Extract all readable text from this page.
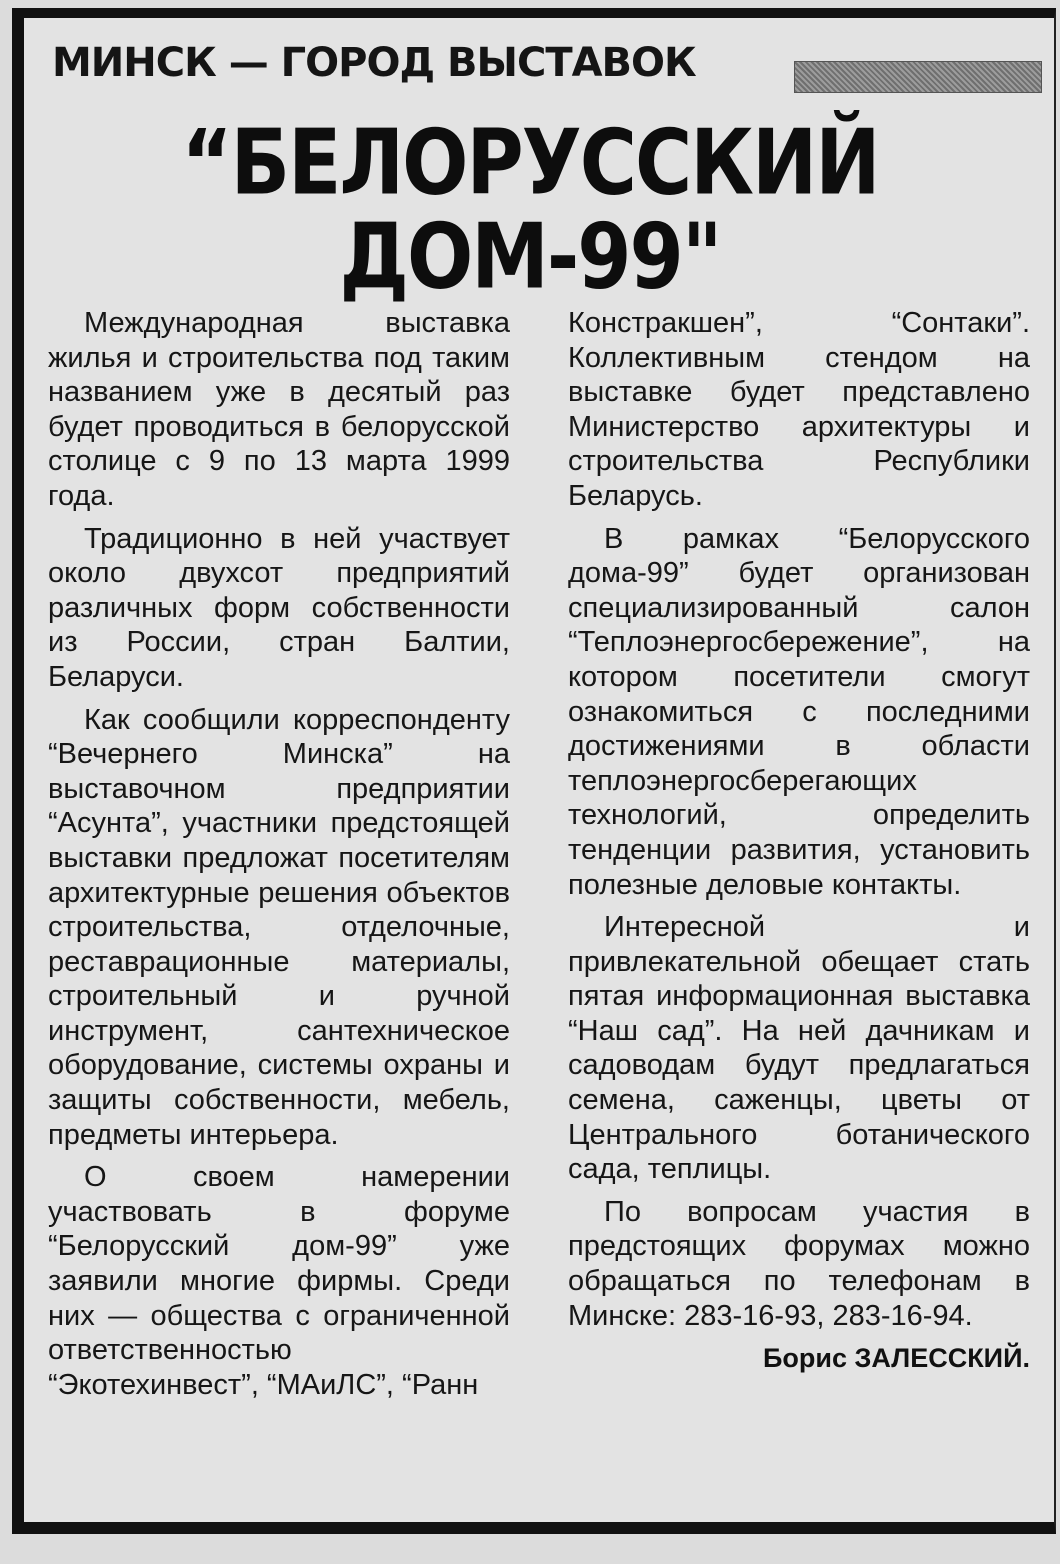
МИНСК — ГОРОД ВЫСТАВОК
“БЕЛОРУССКИЙ
ДОМ-99"

Международная выставка жилья и строительства под таким названием уже в десятый раз будет проводиться в белорусской столице с 9 по 13 марта 1999 года.

Традиционно в ней участвует около двухсот предприятий различных форм собственности из России, стран Балтии, Беларуси.

Как сообщили корреспонденту “Вечернего Минска” на выставочном предприятии “Асунта”, участники предстоящей выставки предложат посетителям архитектурные решения объектов строительства, отделочные, реставрационные материалы, строительный и ручной инструмент, сантехническое оборудование, системы охраны и защиты собственности, мебель, предметы интерьера.

О своем намерении участвовать в форуме “Белорусский дом-99” уже заявили многие фирмы. Среди них — общества с ограниченной ответственностью “Экотехинвест”, “МАиЛС”, “Ранн

Констракшен”, “Сонтаки”. Коллективным стендом на выставке будет представлено Министерство архитектуры и строительства Республики Беларусь.

В рамках “Белорусского дома-99” будет организован специализированный салон “Теплоэнергосбережение”, на котором посетители смогут ознакомиться с последними достижениями в области теплоэнергосберегающих технологий, определить тенденции развития, установить полезные деловые контакты.

Интересной и привлекательной обещает стать пятая информационная выставка “Наш сад”. На ней дачникам и садоводам будут предлагаться семена, саженцы, цветы от Центрального ботанического сада, теплицы.

По вопросам участия в предстоящих форумах можно обращаться по телефонам в Минске: 283-16-93, 283-16-94.

Борис ЗАЛЕССКИЙ.
